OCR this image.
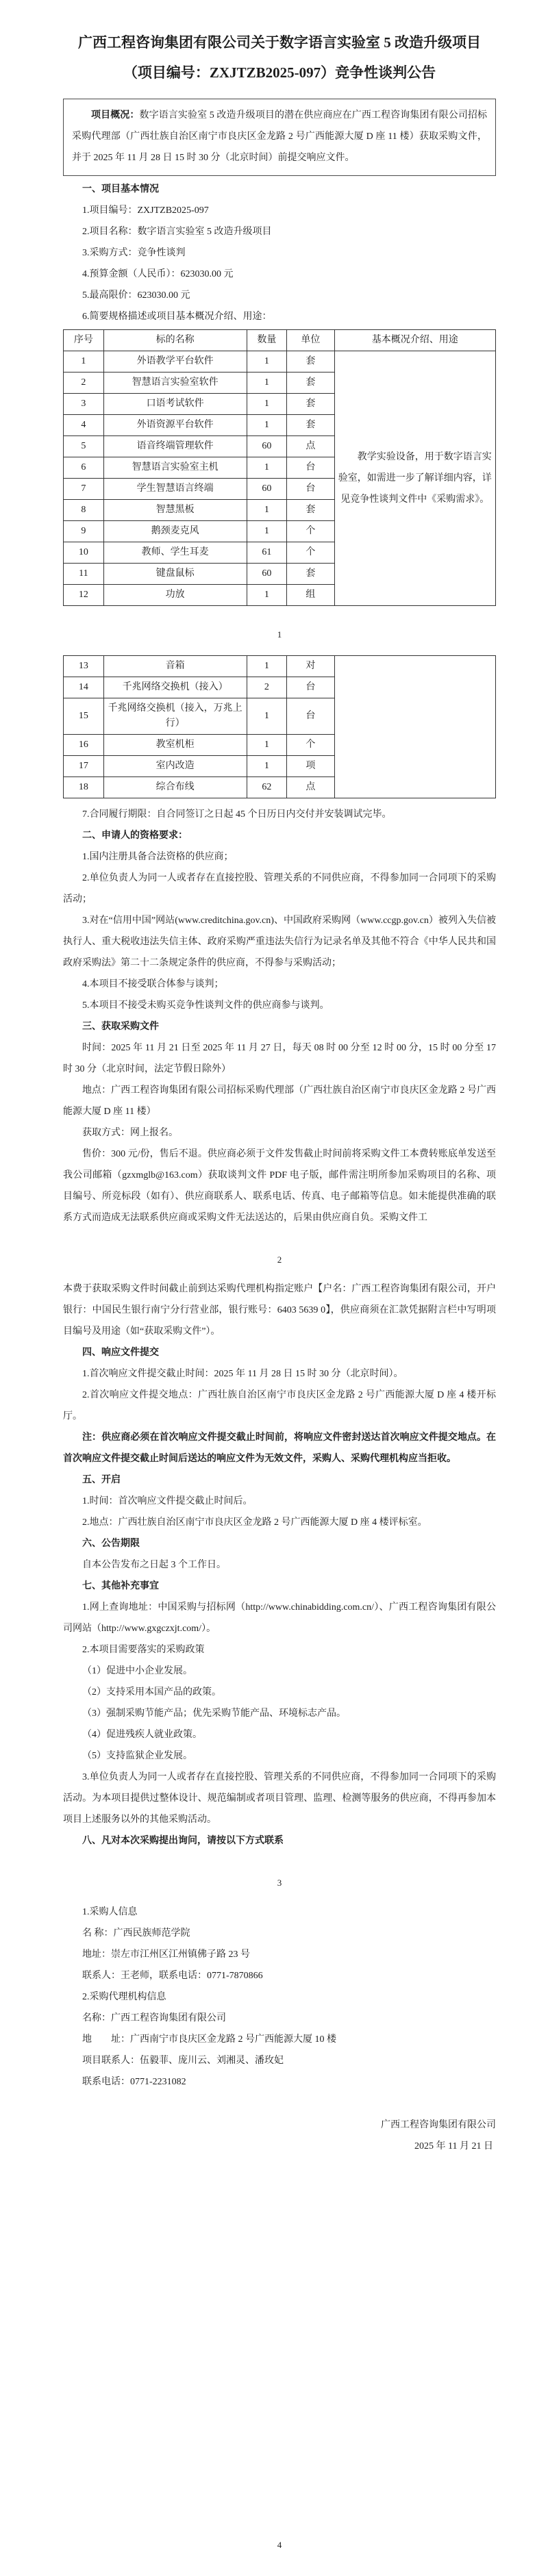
广西工程咨询集团有限公司关于数字语言实验室 5 改造升级项目
（项目编号：ZXJTZB2025-097）竞争性谈判公告

项目概况：数字语言实验室 5 改造升级项目的潜在供应商应在广西工程咨询集团有限公司招标采购代理部（广西壮族自治区南宁市良庆区金龙路 2 号广西能源大厦 D 座 11 楼）获取采购文件，并于 2025 年 11 月 28 日 15 时 30 分（北京时间）前提交响应文件。

一、项目基本情况

1.项目编号：ZXJTZB2025-097

2.项目名称：数字语言实验室 5 改造升级项目

3.采购方式：竞争性谈判

4.预算金额（人民币）：623030.00 元

5.最高限价：623030.00 元

6.简要规格描述或项目基本概况介绍、用途：

序号	标的名称	数量	单位	基本概况介绍、用途
1	外语教学平台软件	1	套	教学实验设备，用于数字语言实验室，如需进一步了解详细内容，详见竞争性谈判文件中《采购需求》。

2	智慧语言实验室软件	1	套	
3	口语考试软件	1	套	
4	外语资源平台软件	1	套	
5	语音终端管理软件	60	点	
6	智慧语言实验室主机	1	台	
7	学生智慧语言终端	60	台	
8	智慧黑板	1	套	
9	鹅颈麦克风	1	个	
10	教师、学生耳麦	61	个	
11	键盘鼠标	60	套	
12	功放	1	组	
1
13	音箱	1	对	
14	千兆网络交换机（接入）	2	台	
15	千兆网络交换机（接入，万兆上行）	1	台	
16	教室机柜	1	个	
17	室内改造	1	项	
18	综合布线	62	点	

7.合同履行期限：自合同签订之日起 45 个日历日内交付并安装调试完毕。

二、申请人的资格要求：

1.国内注册具备合法资格的供应商；

2.单位负责人为同一人或者存在直接控股、管理关系的不同供应商，不得参加同一合同项下的采购活动；

3.对在“信用中国”网站(www.creditchina.gov.cn)、中国政府采购网（www.ccgp.gov.cn）被列入失信被执行人、重大税收违法失信主体、政府采购严重违法失信行为记录名单及其他不符合《中华人民共和国政府采购法》第二十二条规定条件的供应商，不得参与采购活动；

4.本项目不接受联合体参与谈判；

5.本项目不接受未购买竞争性谈判文件的供应商参与谈判。

三、获取采购文件

时间：2025 年 11 月 21 日至 2025 年 11 月 27 日，每天 08 时 00 分至 12 时 00 分，15 时 00 分至 17 时 30 分（北京时间，法定节假日除外）

地点：广西工程咨询集团有限公司招标采购代理部（广西壮族自治区南宁市良庆区金龙路 2 号广西能源大厦 D 座 11 楼）

获取方式：网上报名。

售价：300 元/份，售后不退。供应商必须于文件发售截止时间前将采购文件工本费转账底单发送至我公司邮箱（gzxmglb@163.com）获取谈判文件 PDF 电子版，邮件需注明所参加采购项目的名称、项目编号、所竞标段（如有）、供应商联系人、联系电话、传真、电子邮箱等信息。如未能提供准确的联系方式而造成无法联系供应商或采购文件无法送达的，后果由供应商自负。采购文件工

2

本费于获取采购文件时间截止前到达采购代理机构指定账户【户名：广西工程咨询集团有限公司，开户银行：中国民生银行南宁分行营业部，银行账号：6403 5639 0】，供应商须在汇款凭据附言栏中写明项目编号及用途（如“获取采购文件”）。

四、响应文件提交

1.首次响应文件提交截止时间：2025 年 11 月 28 日 15 时 30 分（北京时间）。

2.首次响应文件提交地点：广西壮族自治区南宁市良庆区金龙路 2 号广西能源大厦 D 座 4 楼开标厅。

注：供应商必须在首次响应文件提交截止时间前，将响应文件密封送达首次响应文件提交地点。在首次响应文件提交截止时间后送达的响应文件为无效文件，采购人、采购代理机构应当拒收。

五、开启

1.时间：首次响应文件提交截止时间后。

2.地点：广西壮族自治区南宁市良庆区金龙路 2 号广西能源大厦 D 座 4 楼评标室。

六、公告期限

自本公告发布之日起 3 个工作日。

七、其他补充事宜

1.网上查询地址：中国采购与招标网（http://www.chinabidding.com.cn/）、广西工程咨询集团有限公司网站（http://www.gxgczxjt.com/）。

2.本项目需要落实的采购政策

（1）促进中小企业发展。

（2）支持采用本国产品的政策。

（3）强制采购节能产品；优先采购节能产品、环境标志产品。

（4）促进残疾人就业政策。

（5）支持监狱企业发展。

3.单位负责人为同一人或者存在直接控股、管理关系的不同供应商，不得参加同一合同项下的采购活动。为本项目提供过整体设计、规范编制或者项目管理、监理、检测等服务的供应商，不得再参加本项目上述服务以外的其他采购活动。

八、凡对本次采购提出询问，请按以下方式联系

3

1.采购人信息

名 称：广西民族师范学院

地址：崇左市江州区江州镇佛子路 23 号

联系人：王老师，联系电话：0771-7870866

2.采购代理机构信息

名称：广西工程咨询集团有限公司

地　　址：广西南宁市良庆区金龙路 2 号广西能源大厦 10 楼

项目联系人：伍毅菲、庞川云、刘湘灵、潘玫妃

联系电话：0771-2231082

广西工程咨询集团有限公司

2025 年 11 月 21 日

4
